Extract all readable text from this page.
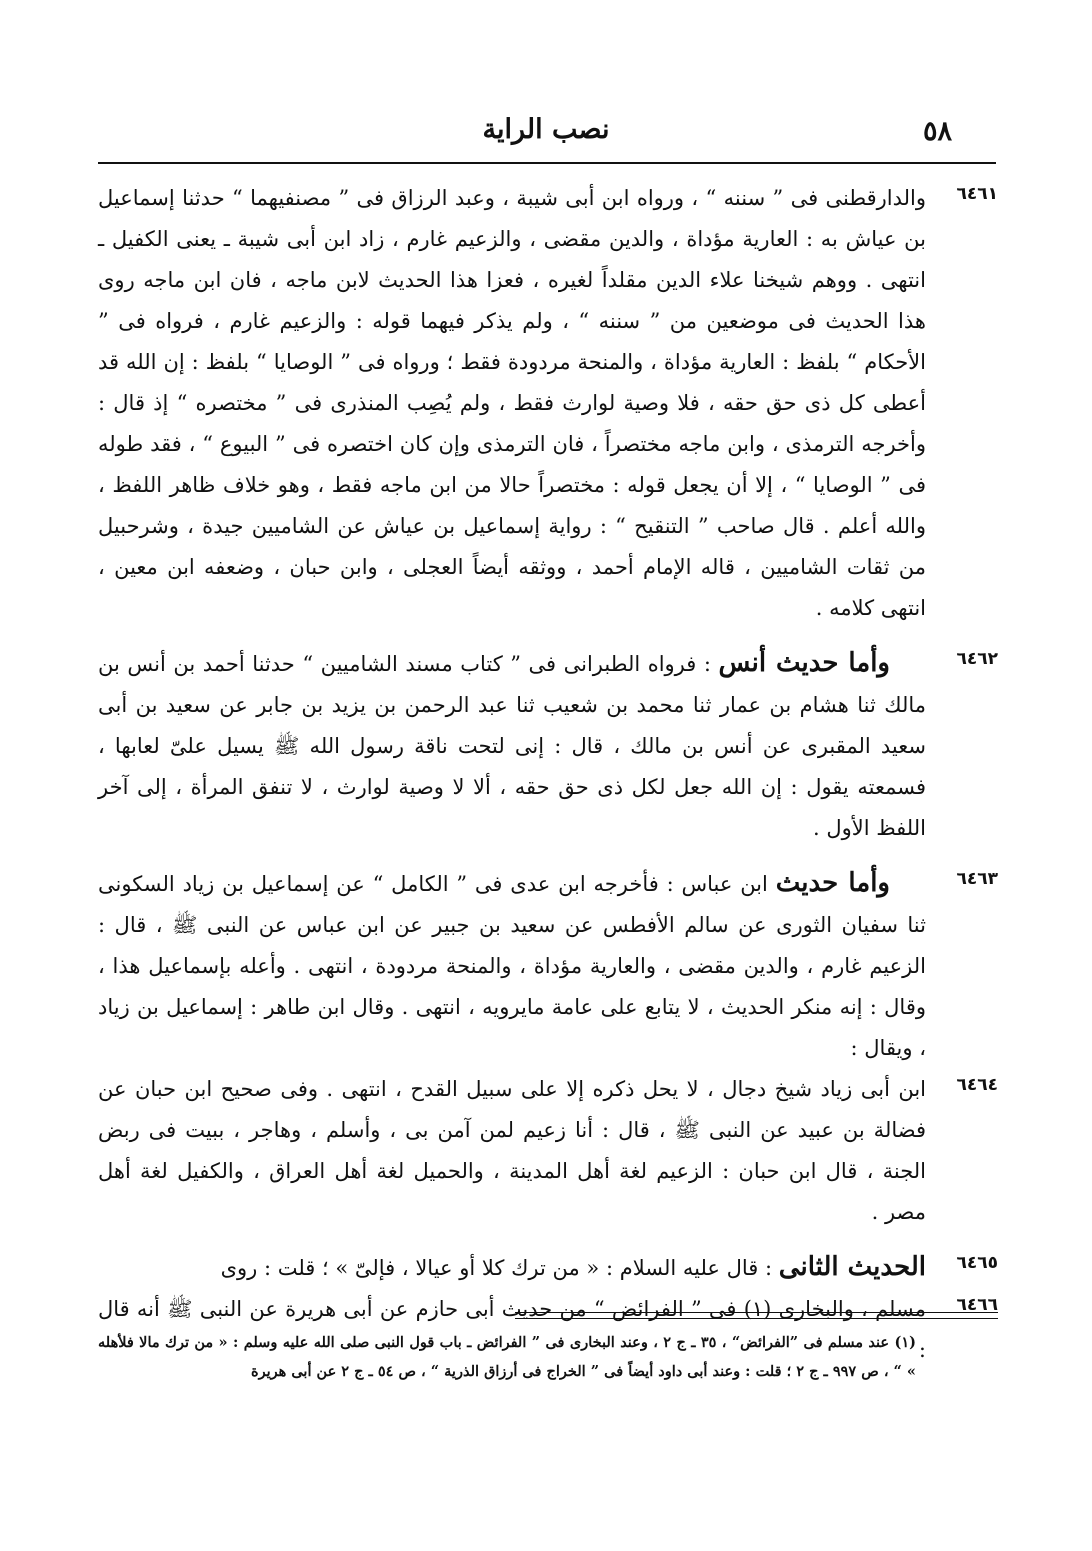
٥٨
نصب الراية
٦٤٦١
والدارقطنى فى ” سننه “ ، ورواه ابن أبى شيبة ، وعبد الرزاق فى ” مصنفيهما “ حدثنا إسماعيل بن عياش به : العارية مؤداة ، والدين مقضى ، والزعيم غارم ، زاد ابن أبى شيبة ـ يعنى الكفيل ـ انتهى . ووهم شيخنا علاء الدين مقلداً لغيره ، فعزا هذا الحديث لابن ماجه ، فان ابن ماجه روى هذا الحديث فى موضعين من ” سننه “ ، ولم يذكر فيهما قوله : والزعيم غارم ، فرواه فى ” الأحكام “ بلفظ : العارية مؤداة ، والمنحة مردودة فقط ؛ ورواه فى ” الوصايا “ بلفظ : إن الله قد أعطى كل ذى حق حقه ، فلا وصية لوارث فقط ، ولم يُصِب المنذرى فى ” مختصره “ إذ قال : وأخرجه الترمذى ، وابن ماجه مختصراً ، فان الترمذى وإن كان اختصره فى ” البيوع “ ، فقد طوله فى ” الوصايا “ ، إلا أن يجعل قوله : مختصراً حالا من ابن ماجه فقط ، وهو خلاف ظاهر اللفظ ، والله أعلم . قال صاحب ” التنقيح “ : رواية إسماعيل بن عياش عن الشاميين جيدة ، وشرحبيل من ثقات الشاميين ، قاله الإمام أحمد ، ووثقه أيضاً العجلى ، وابن حبان ، وضعفه ابن معين ، انتهى كلامه .
٦٤٦٢
وأما حديث أنس : فرواه الطبرانى فى ” كتاب مسند الشاميين “ حدثنا أحمد بن أنس بن مالك ثنا هشام بن عمار ثنا محمد بن شعيب ثنا عبد الرحمن بن يزيد بن جابر عن سعيد بن أبى سعيد المقبرى عن أنس بن مالك ، قال : إنى لتحت ناقة رسول الله ﷺ يسيل علىّ لعابها ، فسمعته يقول : إن الله جعل لكل ذى حق حقه ، ألا لا وصية لوارث ، لا تنفق المرأة ، إلى آخر اللفظ الأول .
٦٤٦٣
وأما حديث ابن عباس : فأخرجه ابن عدى فى ” الكامل “ عن إسماعيل بن زياد السكونى ثنا سفيان الثورى عن سالم الأفطس عن سعيد بن جبير عن ابن عباس عن النبى ﷺ ، قال : الزعيم غارم ، والدين مقضى ، والعارية مؤداة ، والمنحة مردودة ، انتهى . وأعله بإسماعيل هذا ، وقال : إنه منكر الحديث ، لا يتابع على عامة مايرويه ، انتهى . وقال ابن طاهر : إسماعيل بن زياد ، ويقال :
٦٤٦٤
ابن أبى زياد شيخ دجال ، لا يحل ذكره إلا على سبيل القدح ، انتهى . وفى صحيح ابن حبان عن فضالة بن عبيد عن النبى ﷺ ، قال : أنا زعيم لمن آمن بى ، وأسلم ، وهاجر ، ببيت فى ربض الجنة ، قال ابن حبان : الزعيم لغة أهل المدينة ، والحميل لغة أهل العراق ، والكفيل لغة أهل مصر .
٦٤٦٥
الحديث الثانى : قال عليه السلام : « من ترك كلا أو عيالا ، فإلىّ » ؛ قلت : روى
٦٤٦٦
مسلم ، والبخارى (١) فى ” الفرائض “ من حديث أبى حازم عن أبى هريرة عن النبى ﷺ أنه قال :
(١) عند مسلم فى ”الفرائض“ ، ٣٥ ـ ج ٢ ، وعند البخارى فى ” الفرائض ـ باب قول النبى صلى الله عليه وسلم : « من ترك مالا فلأهله » “ ، ص ٩٩٧ ـ ج ٢ ؛ قلت : وعند أبى داود أيضاً فى ” الخراج فى أرزاق الذرية “ ، ص ٥٤ ـ ج ٢ عن أبى هريرة
